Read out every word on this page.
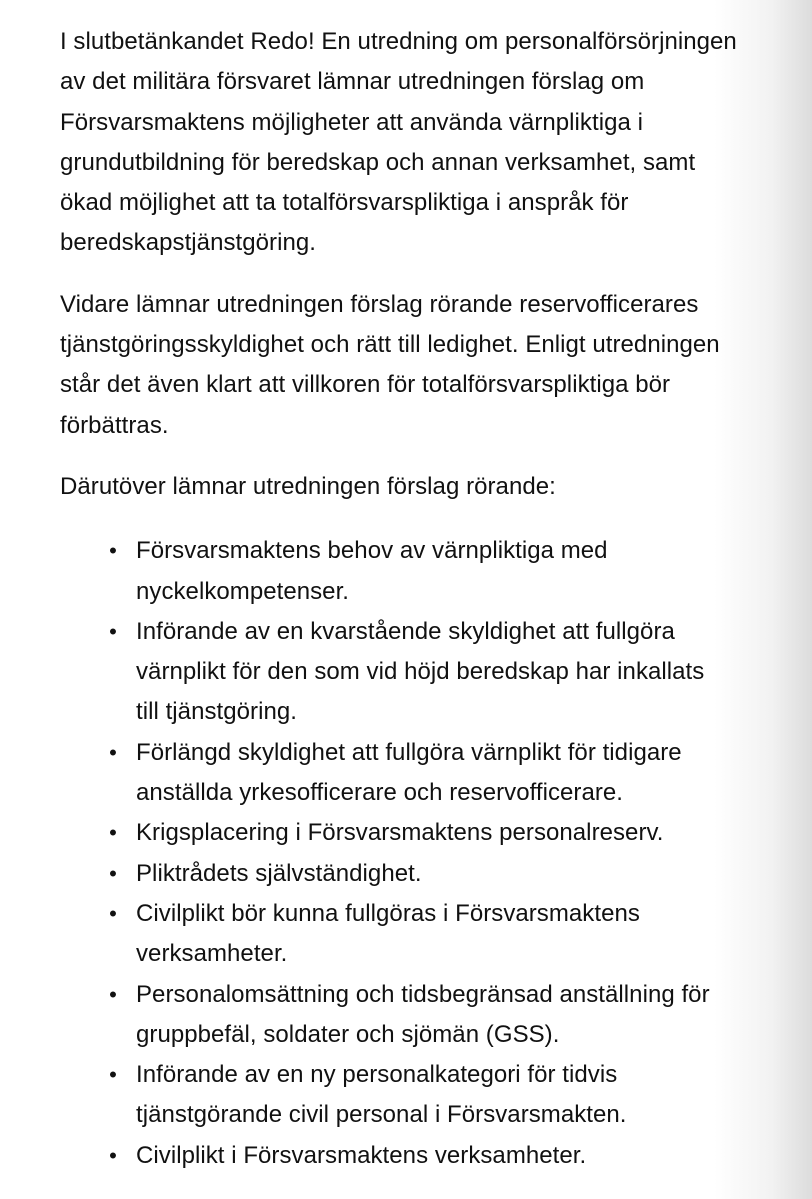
I slutbetänkandet Redo! En utredning om personalförsörjningen av det militära försvaret lämnar utredningen förslag om Försvarsmaktens möjligheter att använda värnpliktiga i grundutbildning för beredskap och annan verksamhet, samt ökad möjlighet att ta totalförsvarspliktiga i anspråk för beredskapstjänstgöring.

Vidare lämnar utredningen förslag rörande reservofficerares tjänstgöringsskyldighet och rätt till ledighet. Enligt utredningen står det även klart att villkoren för totalförsvarspliktiga bör förbättras.

Därutöver lämnar utredningen förslag rörande:

• Försvarsmaktens behov av värnpliktiga med nyckelkompetenser.
• Införande av en kvarstående skyldighet att fullgöra värnplikt för den som vid höjd beredskap har inkallats till tjänstgöring.
• Förlängd skyldighet att fullgöra värnplikt för tidigare anställda yrkesofficerare och reservofficerare.
• Krigsplacering i Försvarsmaktens personalreserv.
• Pliktrådets självständighet.
• Civilplikt bör kunna fullgöras i Försvarsmaktens verksamheter.
• Personalomsättning och tidsbegränsad anställning för gruppbefäl, soldater och sjömän (GSS).
• Införande av en ny personalkategori för tidvis tjänstgörande civil personal i Försvarsmakten.
• Civilplikt i Försvarsmaktens verksamheter.
